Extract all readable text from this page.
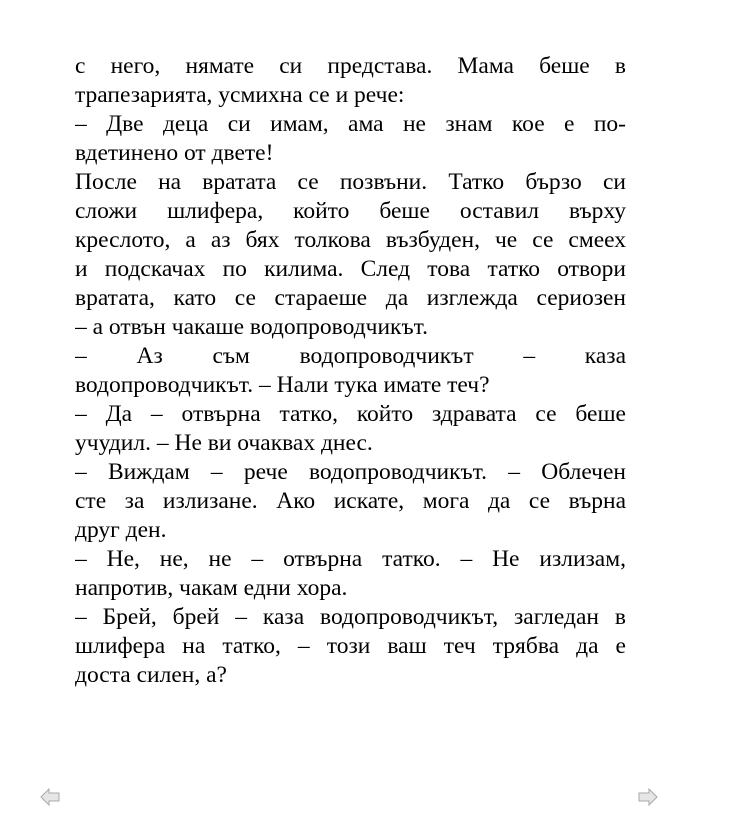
с него, нямате си представа. Мама беше в
трапезарията, усмихна се и рече:
– Две деца си имам, ама не знам кое е по-
вдетинено от двете!
После на вратата се позвъни. Татко бързо си
сложи шлифера, който беше оставил върху
креслото, а аз бях толкова възбуден, че се смеех
и подскачах по килима. След това татко отвори
вратата, като се стараеше да изглежда сериозен
– а отвън чакаше водопроводчикът.
– Аз съм водопроводчикът – каза
водопроводчикът. – Нали тука имате теч?
– Да – отвърна татко, който здравата се беше
учудил. – Не ви очаквах днес.
– Виждам – рече водопроводчикът. – Облечен
сте за излизане. Ако искате, мога да се върна
друг ден.
– Не, не, не – отвърна татко. – Не излизам,
напротив, чакам едни хора.
– Брей, брей – каза водопроводчикът, загледан в
шлифера на татко, – този ваш теч трябва да е
доста силен, а?
